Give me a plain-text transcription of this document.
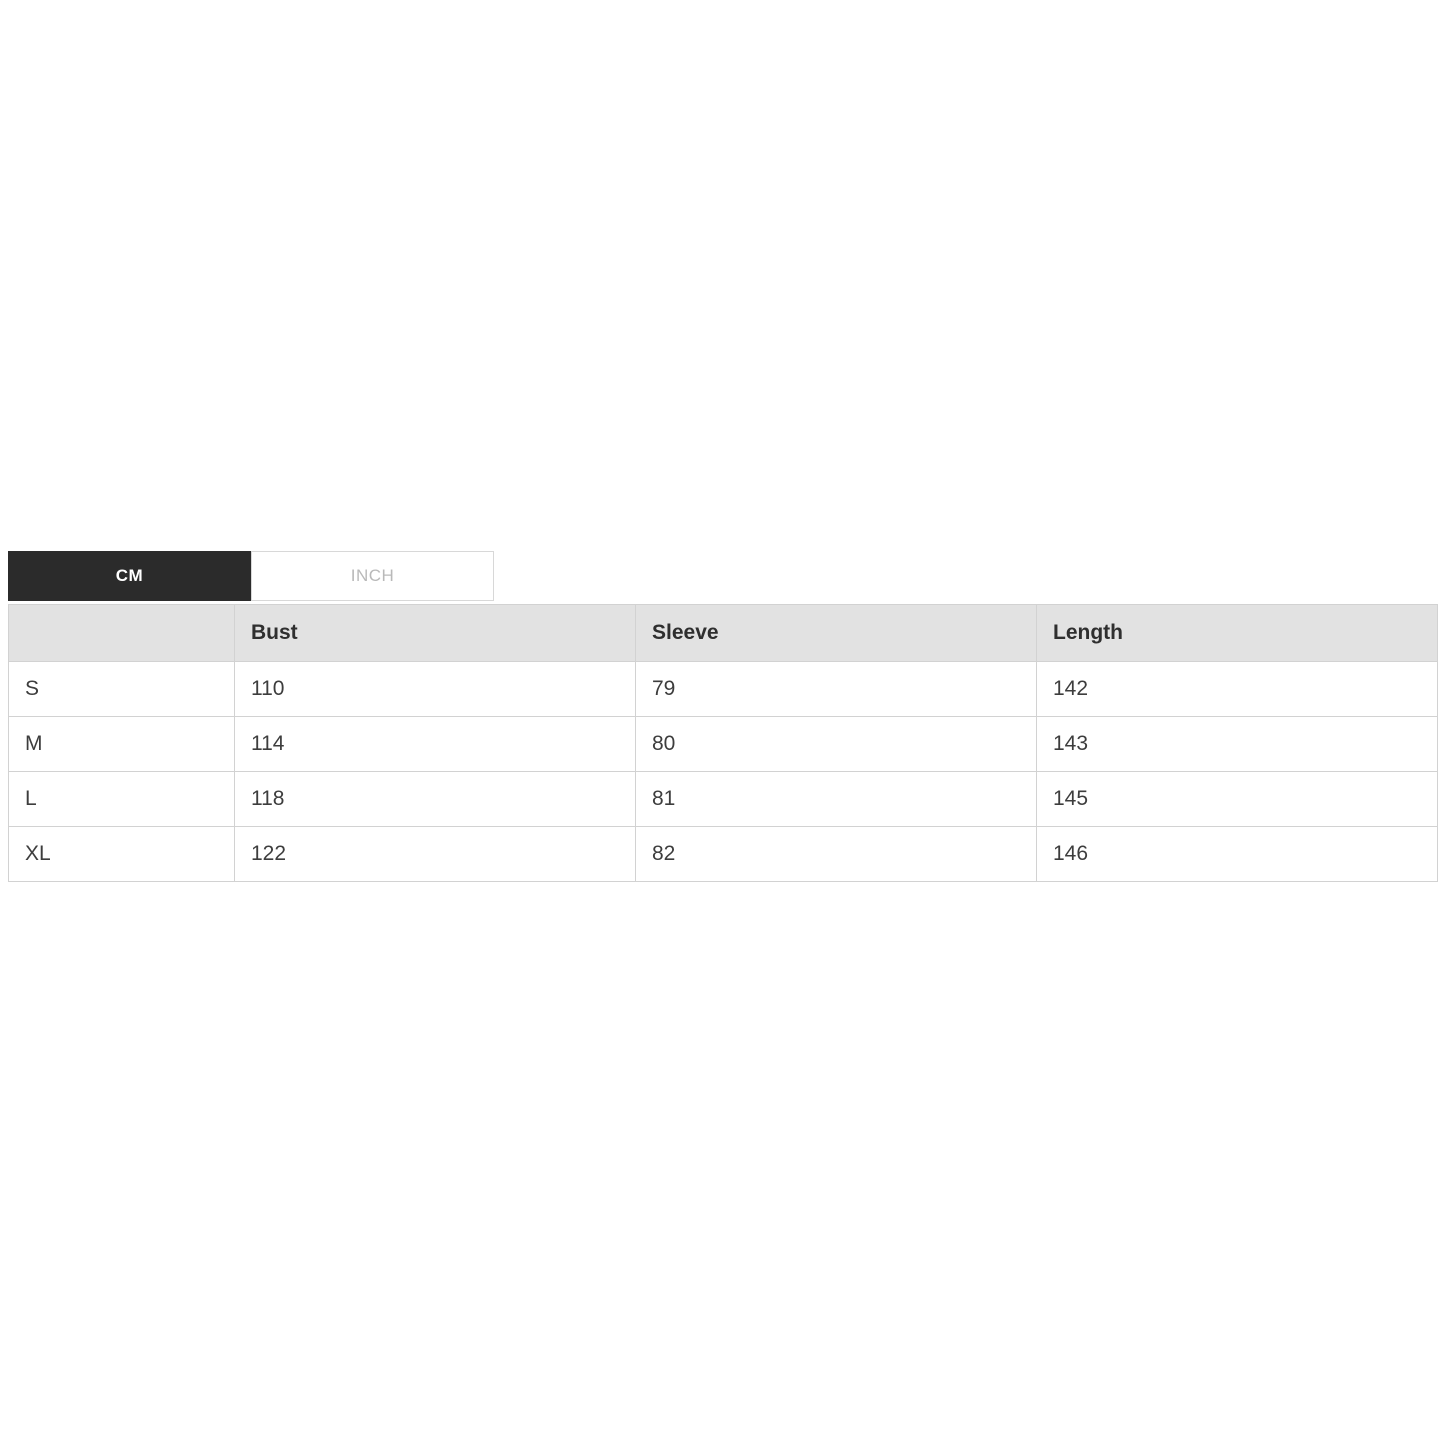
CM	INCH
	Bust	Sleeve	Length
S	110	79	142
M	114	80	143
L	118	81	145
XL	122	82	146
